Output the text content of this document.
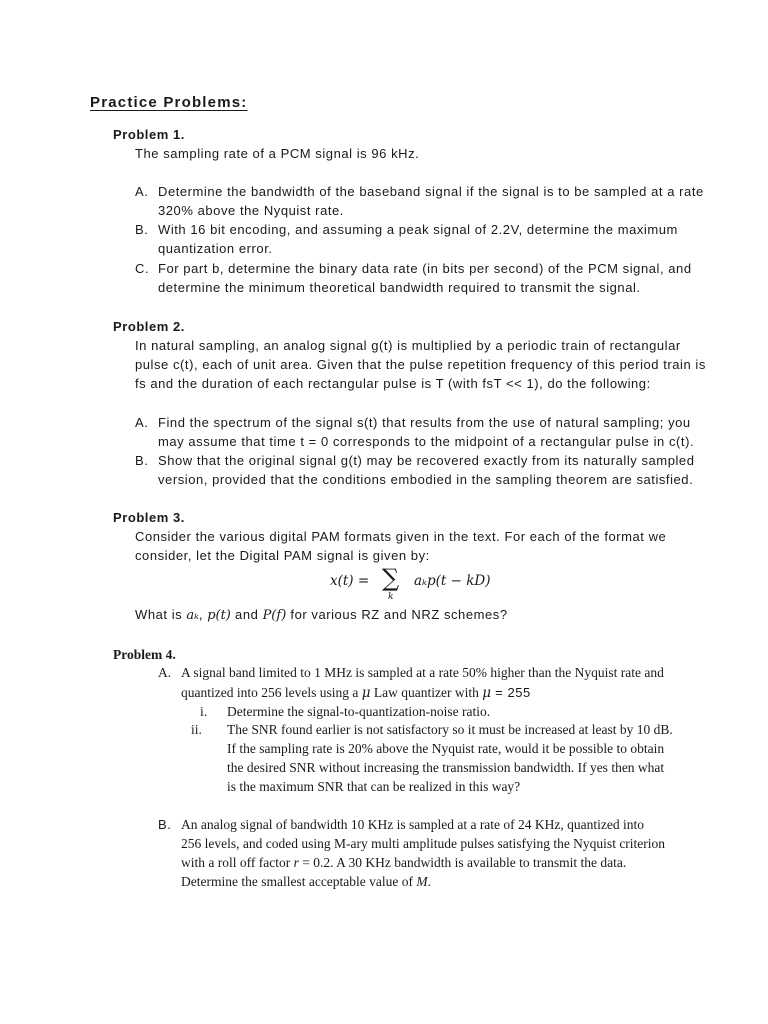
Practice Problems:

Problem 1.

The sampling rate of a PCM signal is 96 kHz.

A. Determine the bandwidth of the baseband signal if the signal is to be sampled at a rate

320% above the Nyquist rate.

B. With 16 bit encoding, and assuming a peak signal of 2.2V, determine the maximum

quantization error.

C. For part b, determine the binary data rate (in bits per second) of the PCM signal, and

determine the minimum theoretical bandwidth required to transmit the signal.

Problem 2.

In natural sampling, an analog signal g(t) is multiplied by a periodic train of rectangular

pulse c(t), each of unit area. Given that the pulse repetition frequency of this period train is

fs and the duration of each rectangular pulse is T (with fsT << 1), do the following:

A. Find the spectrum of the signal s(t) that results from the use of natural sampling; you

may assume that time t = 0 corresponds to the midpoint of a rectangular pulse in c(t).

B. Show that the original signal g(t) may be recovered exactly from its naturally sampled

version, provided that the conditions embodied in the sampling theorem are satisfied.

Problem 3.

Consider the various digital PAM formats given in the text. For each of the format we

consider, let the Digital PAM signal is given by:

x(t) = ∑
k
aₖp(t − kD)

What is aₖ, p(t) and P(f) for various RZ and NRZ schemes?

Problem 4.

A. A signal band limited to 1 MHz is sampled at a rate 50% higher than the Nyquist rate and

quantized into 256 levels using a μ Law quantizer with μ = 255

i. Determine the signal-to-quantization-noise ratio.

ii. The SNR found earlier is not satisfactory so it must be increased at least by 10 dB.

If the sampling rate is 20% above the Nyquist rate, would it be possible to obtain

the desired SNR without increasing the transmission bandwidth. If yes then what

is the maximum SNR that can be realized in this way?

B. An analog signal of bandwidth 10 KHz is sampled at a rate of 24 KHz, quantized into

256 levels, and coded using M-ary multi amplitude pulses satisfying the Nyquist criterion

with a roll off factor r = 0.2. A 30 KHz bandwidth is available to transmit the data.

Determine the smallest acceptable value of M.
